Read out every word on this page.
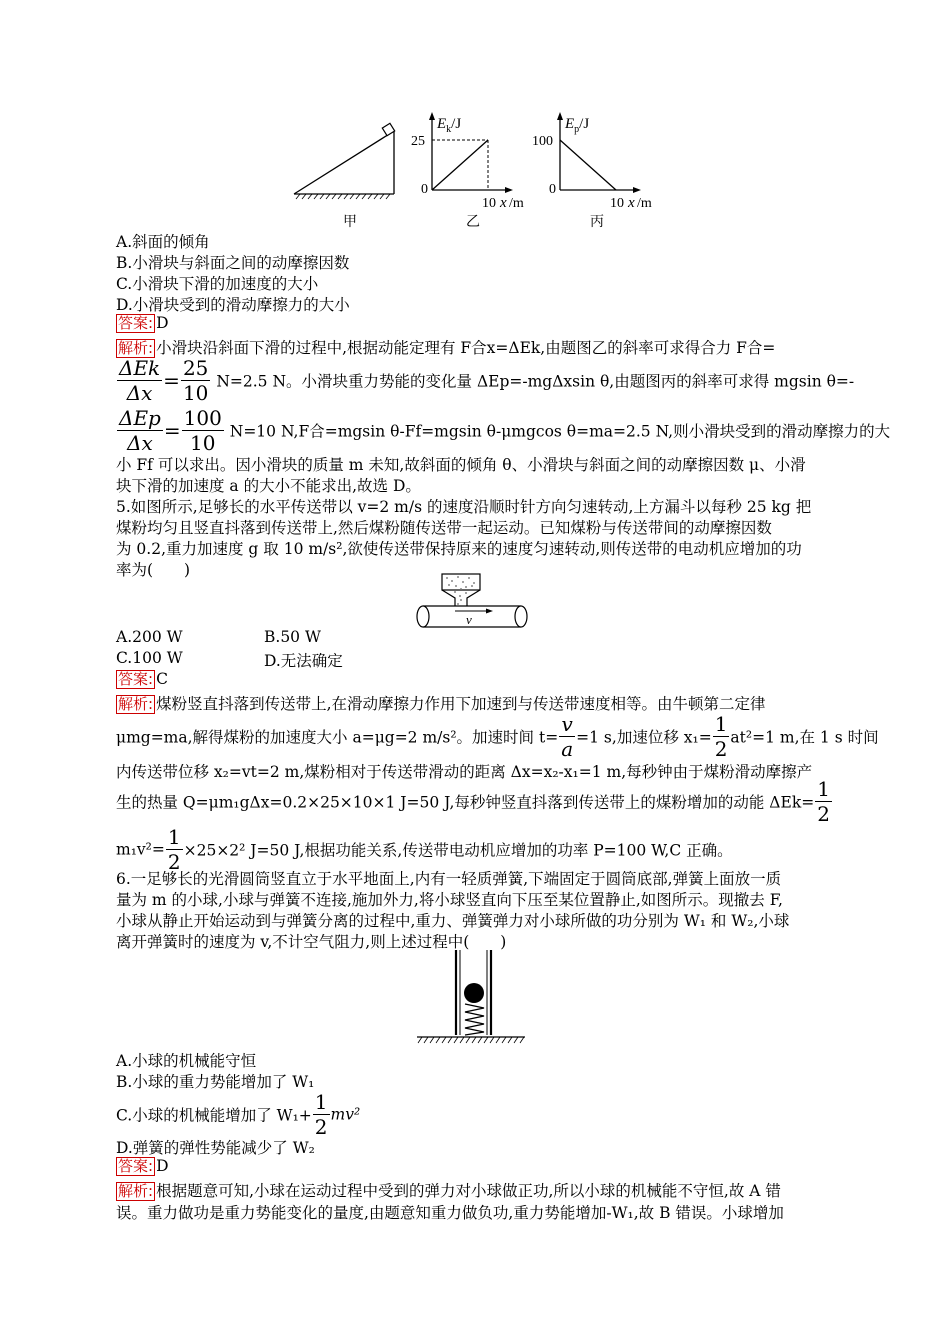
$E_k/J$
25
0
10 x /m
$E_p/J$
100
0
10 x /m
甲	乙	丙
A.斜面的倾角
B.小滑块与斜面之间的动摩擦因数
C.小滑块下滑的加速度的大小
D.小滑块受到的滑动摩擦力的大小
答案: D
解析: 小滑块沿斜面下滑的过程中,根据动能定理有 F合x=ΔEk,由题图乙的斜率可求得合力 F合=
$\frac{\text{ΔEk}}{\Delta x} = \frac{25}{10} N=2.5$ N。小滑块重力势能的变化量 ΔEp=-mgΔxsin θ,由题图丙的斜率可求得 mgsin θ=-
$\frac{\text{ΔEp}}{\Delta x} = \frac{100}{10} N=10$ N,F合=mgsin θ-Ff=mgsin θ-μmgcos θ=ma=2.5 N,则小滑块受到的滑动摩擦力的大
小 Ff 可以求出。因小滑块的质量 m 未知,故斜面的倾角 θ、小滑块与斜面之间的动摩擦因数 μ、小滑
块下滑的加速度 a 的大小不能求出,故选 D。
5.如图所示,足够长的水平传送带以 v=2 m/s 的速度沿顺时针方向匀速转动,上方漏斗以每秒 25 kg 把
煤粉均匀且竖直抖落到传送带上,然后煤粉随传送带一起运动。已知煤粉与传送带间的动摩擦因数
为 0.2,重力加速度 g 取 10 m/s²,欲使传送带保持原来的速度匀速转动,则传送带的电动机应增加的功
率为(　　)
v
A.200 W	B.50 W
C.100 W	D.无法确定
答案: C
解析: 煤粉竖直抖落到传送带上,在滑动摩擦力作用下加速到与传送带速度相等。由牛顿第二定律
μmg=ma,解得煤粉的加速度大小 a=μg=2 m/s²。加速时间 $t= \frac{v}{a} =1$ s,加速位移 $x_1= \frac{1}{2} at^2=1$ m,在 1 s 时间
内传送带位移 x₂=vt=2 m,煤粉相对于传送带滑动的距离 Δx=x₂-x₁=1 m,每秒钟由于煤粉滑动摩擦产
生的热量 Q=μm₁gΔx=0.2×25×10×1 J=50 J,每秒钟竖直抖落到传送带上的煤粉增加的动能 $\Delta Ek= \frac{1}{2}$
$m_1v^2= \frac{1}{2} \times 25\times 2^2$ J=50 J,根据功能关系,传送带电动机应增加的功率 P=100 W,C 正确。
6.一足够长的光滑圆筒竖直立于水平地面上,内有一轻质弹簧,下端固定于圆筒底部,弹簧上面放一质
量为 m 的小球,小球与弹簧不连接,施加外力,将小球竖直向下压至某位置静止,如图所示。现撤去 F,
小球从静止开始运动到与弹簧分离的过程中,重力、弹簧弹力对小球所做的功分别为 W₁ 和 W₂,小球
离开弹簧时的速度为 v,不计空气阻力,则上述过程中(　　)
A.小球的机械能守恒
B.小球的重力势能增加了 W₁
C.小球的机械能增加了 $W_1+ \frac{1}{2} mv^2$
D.弹簧的弹性势能减少了 W₂
答案: D
解析: 根据题意可知,小球在运动过程中受到的弹力对小球做正功,所以小球的机械能不守恒,故 A 错
误。重力做功是重力势能变化的量度,由题意知重力做负功,重力势能增加-W₁,故 B 错误。小球增加
